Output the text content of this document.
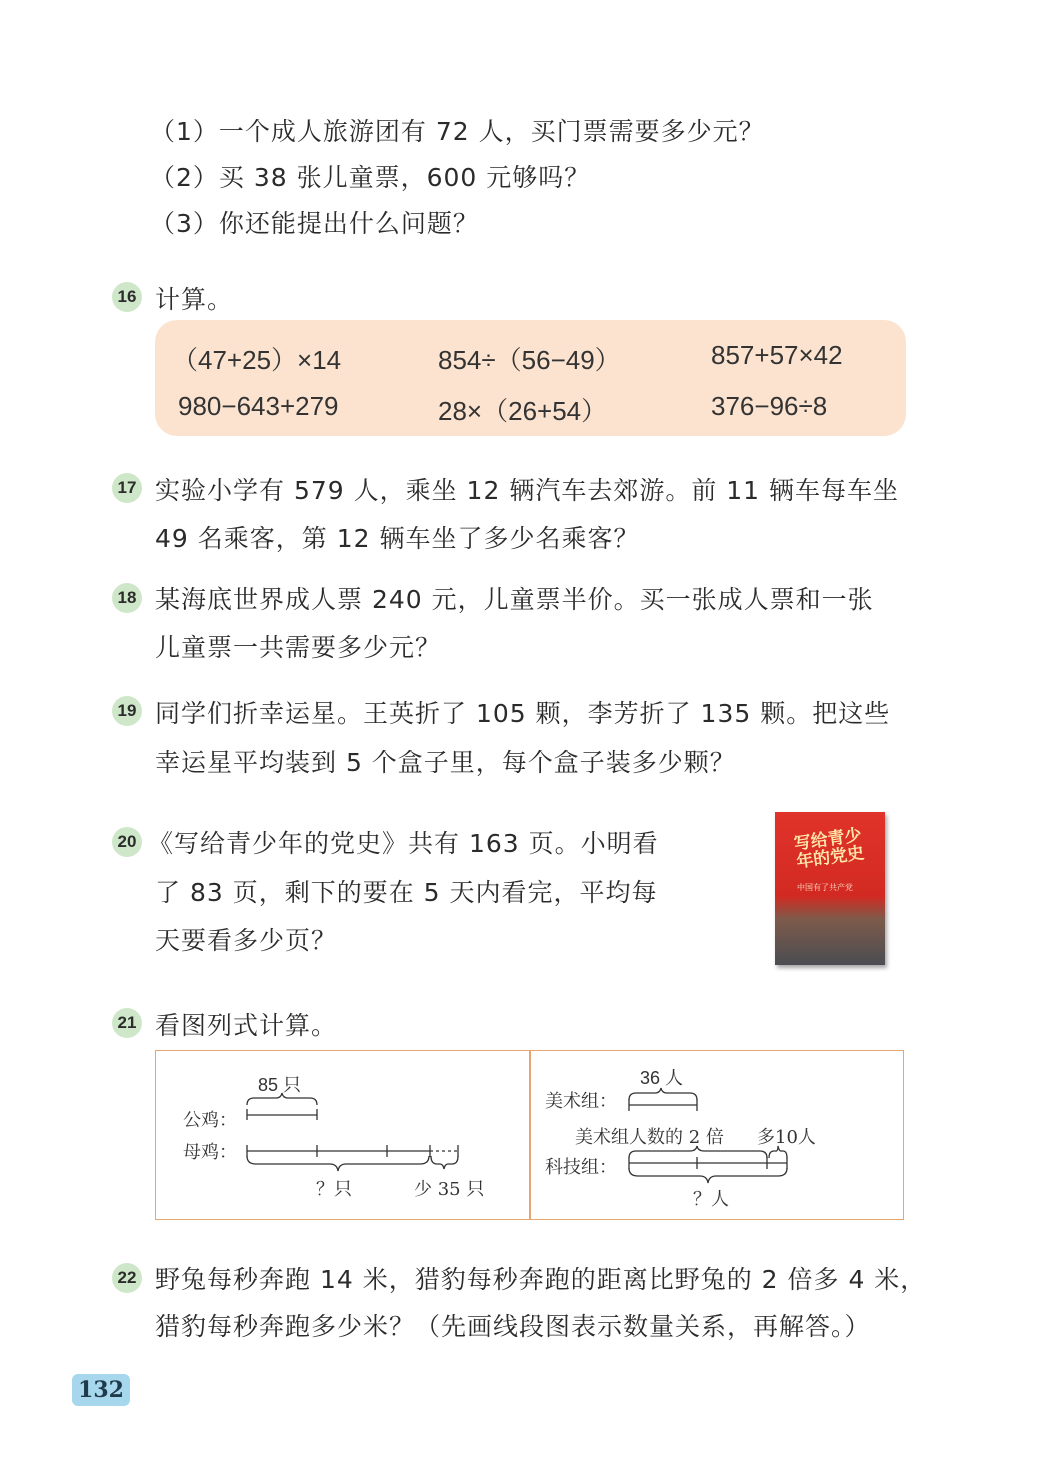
（1）一个成人旅游团有 72 人，买门票需要多少元？
（2）买 38 张儿童票，600 元够吗？
（3）你还能提出什么问题？
16 计算。
（47+25）×14	854÷（56−49）	857+57×42
980−643+279	28×（26+54）	376−96÷8
17 实验小学有 579 人，乘坐 12 辆汽车去郊游。前 11 辆车每车坐
49 名乘客，第 12 辆车坐了多少名乘客？
18 某海底世界成人票 240 元，儿童票半价。买一张成人票和一张
儿童票一共需要多少元？
19 同学们折幸运星。王英折了 105 颗，李芳折了 135 颗。把这些
幸运星平均装到 5 个盒子里，每个盒子装多少颗？
20 《写给青少年的党史》共有 163 页。小明看
了 83 页，剩下的要在 5 天内看完，平均每
天要看多少页？
写给青少年的党史
中国有了共产党
21 看图列式计算。
85 只
公鸡：
母鸡：
？只	少 35 只
36 人
美术组：
美术组人数的 2 倍 多10人
科技组：
？人
22 野兔每秒奔跑 14 米，猎豹每秒奔跑的距离比野兔的 2 倍多 4 米，
猎豹每秒奔跑多少米？（先画线段图表示数量关系，再解答。）
132
